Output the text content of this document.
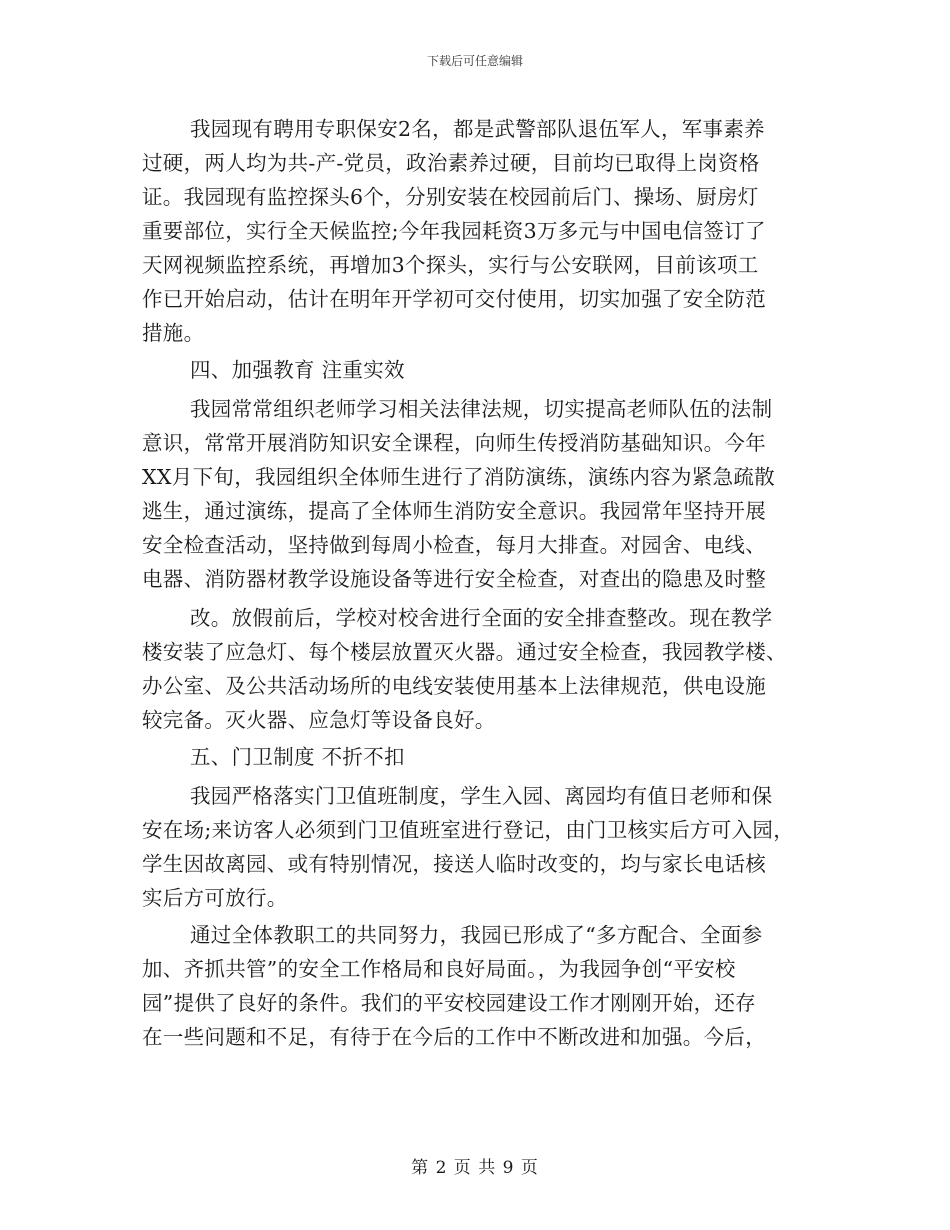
下载后可任意编辑
我园现有聘用专职保安2名，都是武警部队退伍军人，军事素养
过硬，两人均为共-产-党员，政治素养过硬，目前均已取得上岗资格
证。我园现有监控探头6个，分别安装在校园前后门、操场、厨房灯
重要部位，实行全天候监控;今年我园耗资3万多元与中国电信签订了
天网视频监控系统，再增加3个探头，实行与公安联网，目前该项工
作已开始启动，估计在明年开学初可交付使用，切实加强了安全防范
措施。
四、加强教育 注重实效
我园常常组织老师学习相关法律法规，切实提高老师队伍的法制
意识，常常开展消防知识安全课程，向师生传授消防基础知识。今年
XX月下旬，我园组织全体师生进行了消防演练，演练内容为紧急疏散
逃生，通过演练，提高了全体师生消防安全意识。我园常年坚持开展
安全检查活动，坚持做到每周小检查，每月大排查。对园舍、电线、
电器、消防器材教学设施设备等进行安全检查，对查出的隐患及时整
改。放假前后，学校对校舍进行全面的安全排查整改。现在教学
楼安装了应急灯、每个楼层放置灭火器。通过安全检查，我园教学楼、
办公室、及公共活动场所的电线安装使用基本上法律规范，供电设施
较完备。灭火器、应急灯等设备良好。
五、门卫制度 不折不扣
我园严格落实门卫值班制度，学生入园、离园均有值日老师和保
安在场;来访客人必须到门卫值班室进行登记，由门卫核实后方可入园，
学生因故离园、或有特别情况，接送人临时改变的，均与家长电话核
实后方可放行。
通过全体教职工的共同努力，我园已形成了“多方配合、全面参
加、齐抓共管”的安全工作格局和良好局面。，为我园争创“平安校
园”提供了良好的条件。我们的平安校园建设工作才刚刚开始，还存
在一些问题和不足，有待于在今后的工作中不断改进和加强。今后，
第 2 页 共 9 页
